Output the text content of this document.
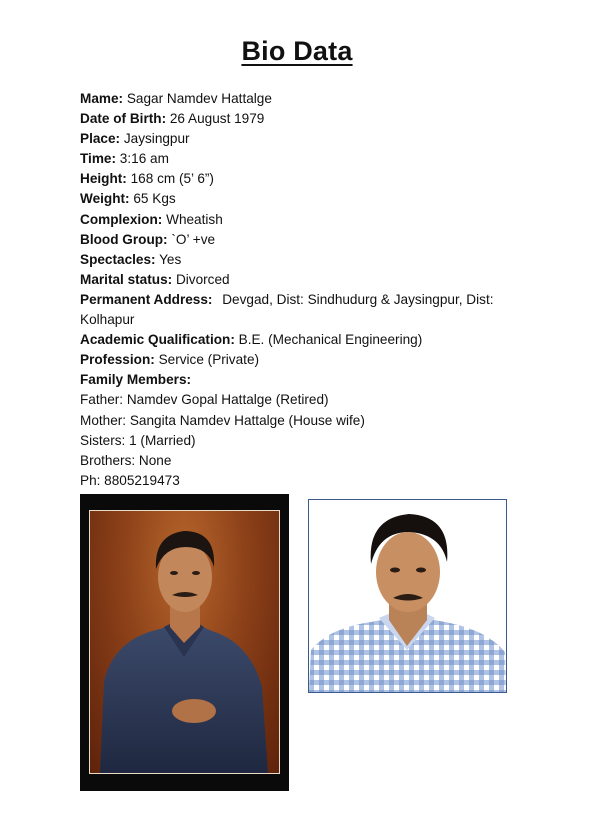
Bio Data

Mame: Sagar Namdev Hattalge

Date of Birth: 26 August 1979

Place: Jaysingpur

Time: 3:16 am

Height: 168 cm (5’ 6”)

Weight: 65 Kgs

Complexion: Wheatish

Blood Group: `O’ +ve

Spectacles: Yes

Marital status: Divorced

Permanent Address: Devgad, Dist: Sindhudurg & Jaysingpur, Dist: Kolhapur

Academic Qualification: B.E. (Mechanical Engineering)

Profession: Service (Private)

Family Members:

Father: Namdev Gopal Hattalge (Retired)

Mother: Sangita Namdev Hattalge (House wife)

Sisters: 1 (Married)

Brothers: None

Ph: 8805219473
